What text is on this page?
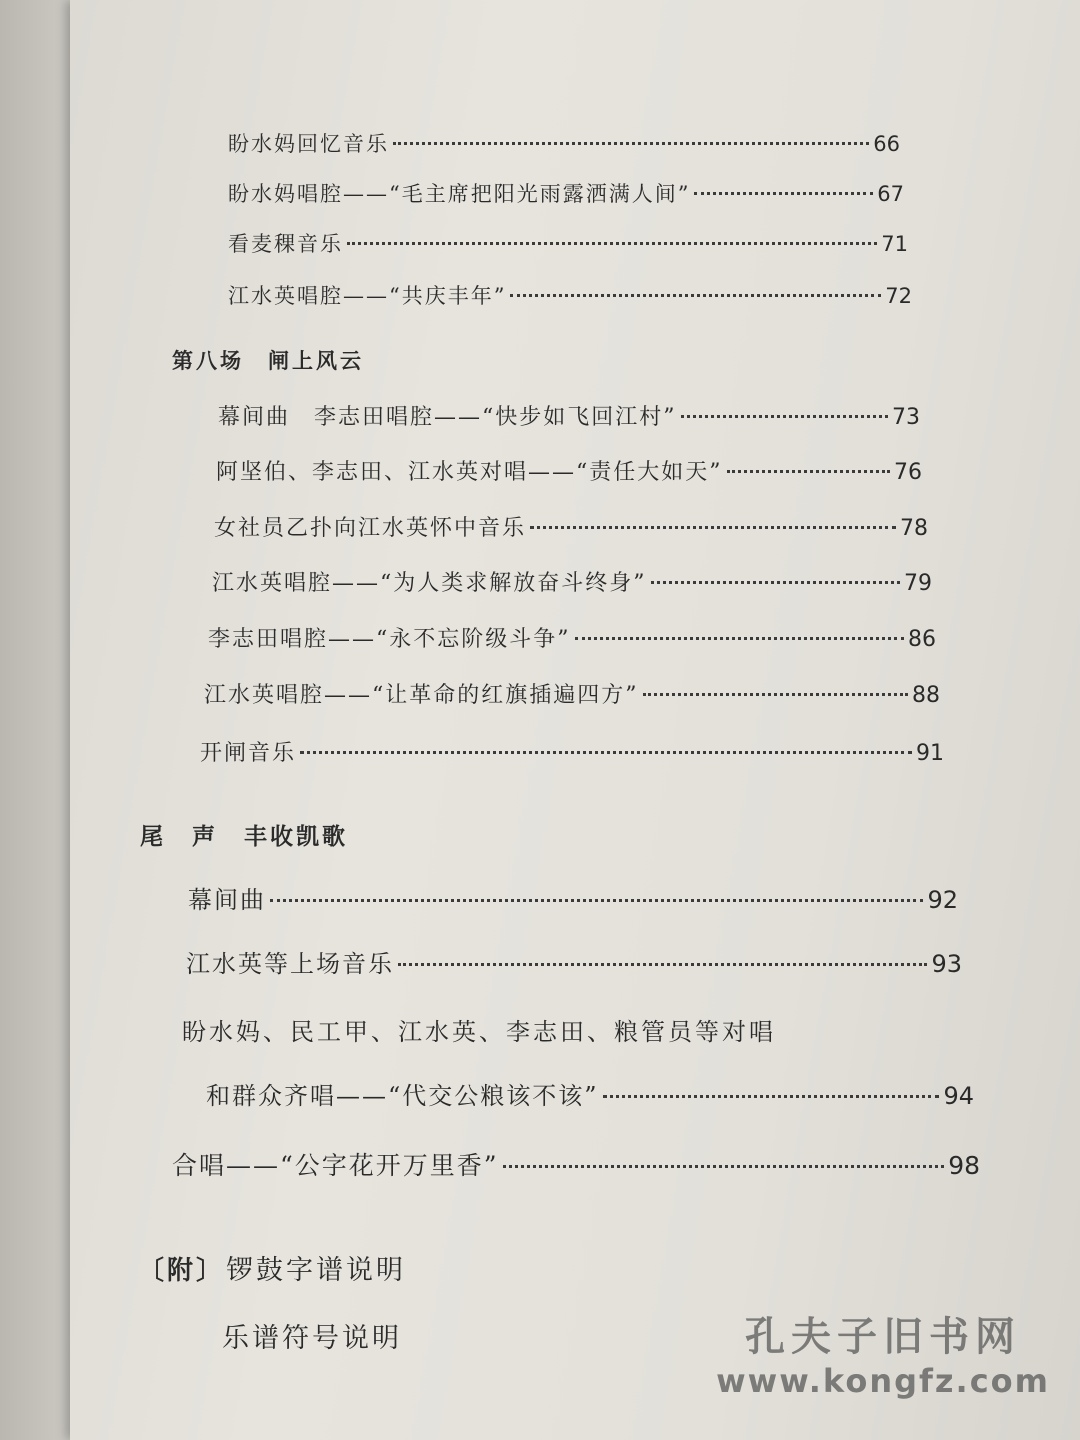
盼水妈回忆音乐	66
盼水妈唱腔——“毛主席把阳光雨露洒满人间”	67
看麦稞音乐	71
江水英唱腔——“共庆丰年”	72
第八场　闸上风云
幕间曲　李志田唱腔——“快步如飞回江村”	73
阿坚伯、李志田、江水英对唱——“责任大如天”	76
女社员乙扑向江水英怀中音乐	78
江水英唱腔——“为人类求解放奋斗终身”	79
李志田唱腔——“永不忘阶级斗争”	86
江水英唱腔——“让革命的红旗插遍四方”	88
开闸音乐	91
尾　声　丰收凯歌
幕间曲	92
江水英等上场音乐	93
盼水妈、民工甲、江水英、李志田、粮管员等对唱
和群众齐唱——“代交公粮该不该”	94
合唱——“公字花开万里香”	98
〔附〕 锣鼓字谱说明
乐谱符号说明	孔夫子旧书网
www.kongfz.com
